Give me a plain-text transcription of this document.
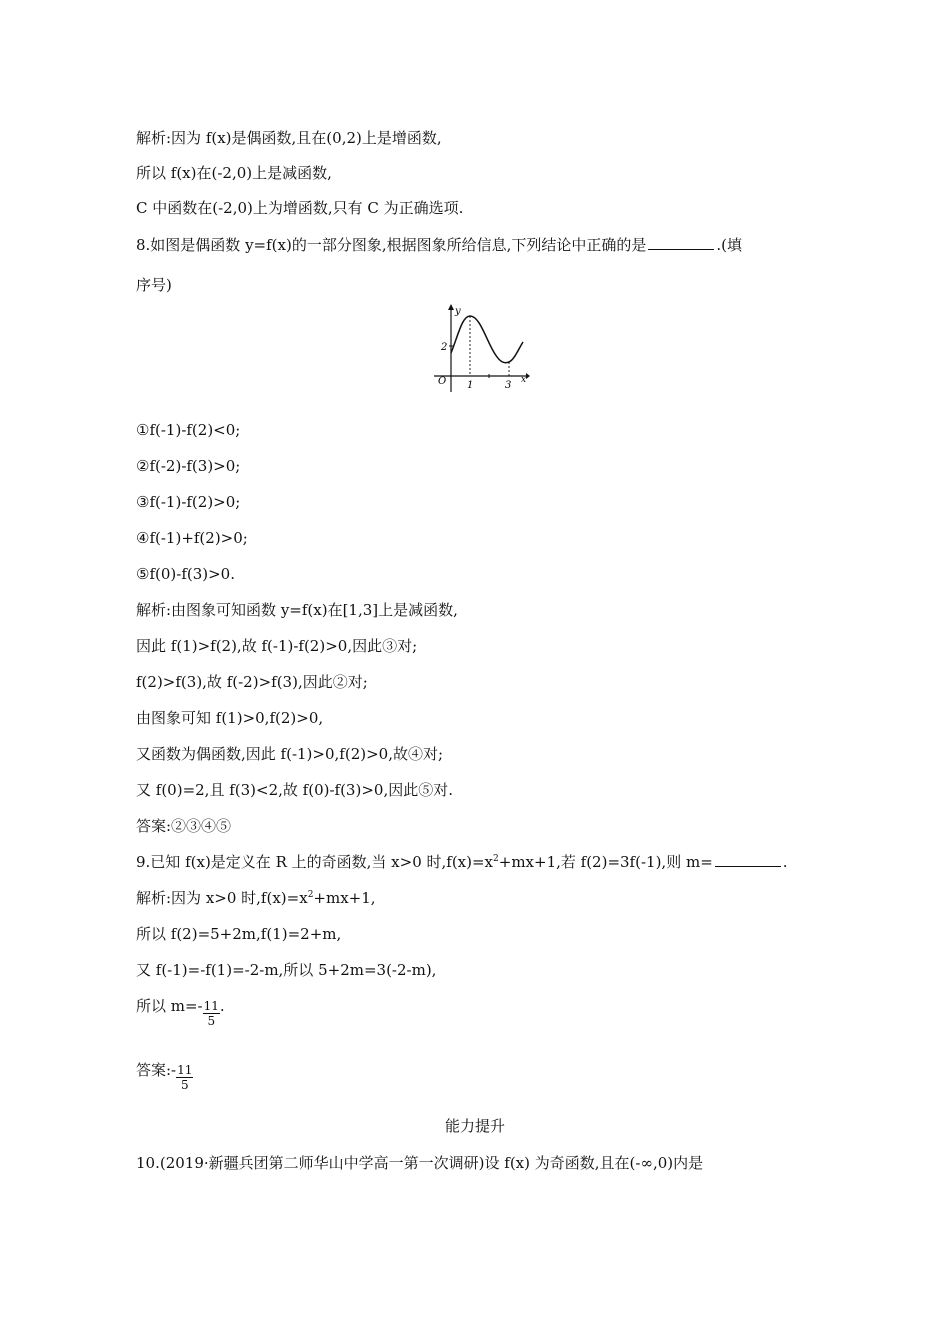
解析:因为 f(x)是偶函数,且在(0,2)上是增函数,
所以 f(x)在(-2,0)上是减函数,
C 中函数在(-2,0)上为增函数,只有 C 为正确选项.
8.如图是偶函数 y=f(x)的一部分图象,根据图象所给信息,下列结论中正确的是	.(填
序号)
y
x
O 1	3
2
①f(-1)-f(2)<0;
②f(-2)-f(3)>0;
③f(-1)-f(2)>0;
④f(-1)+f(2)>0;
⑤f(0)-f(3)>0.
解析:由图象可知函数 y=f(x)在[1,3]上是减函数,
因此 f(1)>f(2),故 f(-1)-f(2)>0,因此③对;
f(2)>f(3),故 f(-2)>f(3),因此②对;
由图象可知 f(1)>0,f(2)>0,
又函数为偶函数,因此 f(-1)>0,f(2)>0,故④对;
又 f(0)=2,且 f(3)<2,故 f(0)-f(3)>0,因此⑤对.
答案:②③④⑤
9.已知 f(x)是定义在 R 上的奇函数,当 x>0 时$,f(x)=x^2+mx+1$,若 f(2)=3f(-1),则 m=	.
解析:因为 x>0 时$,f(x)=x^2+mx+1$,
所以 f(2)=5+2m,f(1)=2+m,
又 f(-1)=-f(1)=-2-m,所以 5+2m=3(-2-m),
所以 $m=- \frac{11}{5}$ .
答案:- $\frac{11}{5}$
能力提升
10.(2019·新疆兵团第二师华山中学高一第一次调研)设 f(x) 为奇函数,且在(-∞,0)内是
